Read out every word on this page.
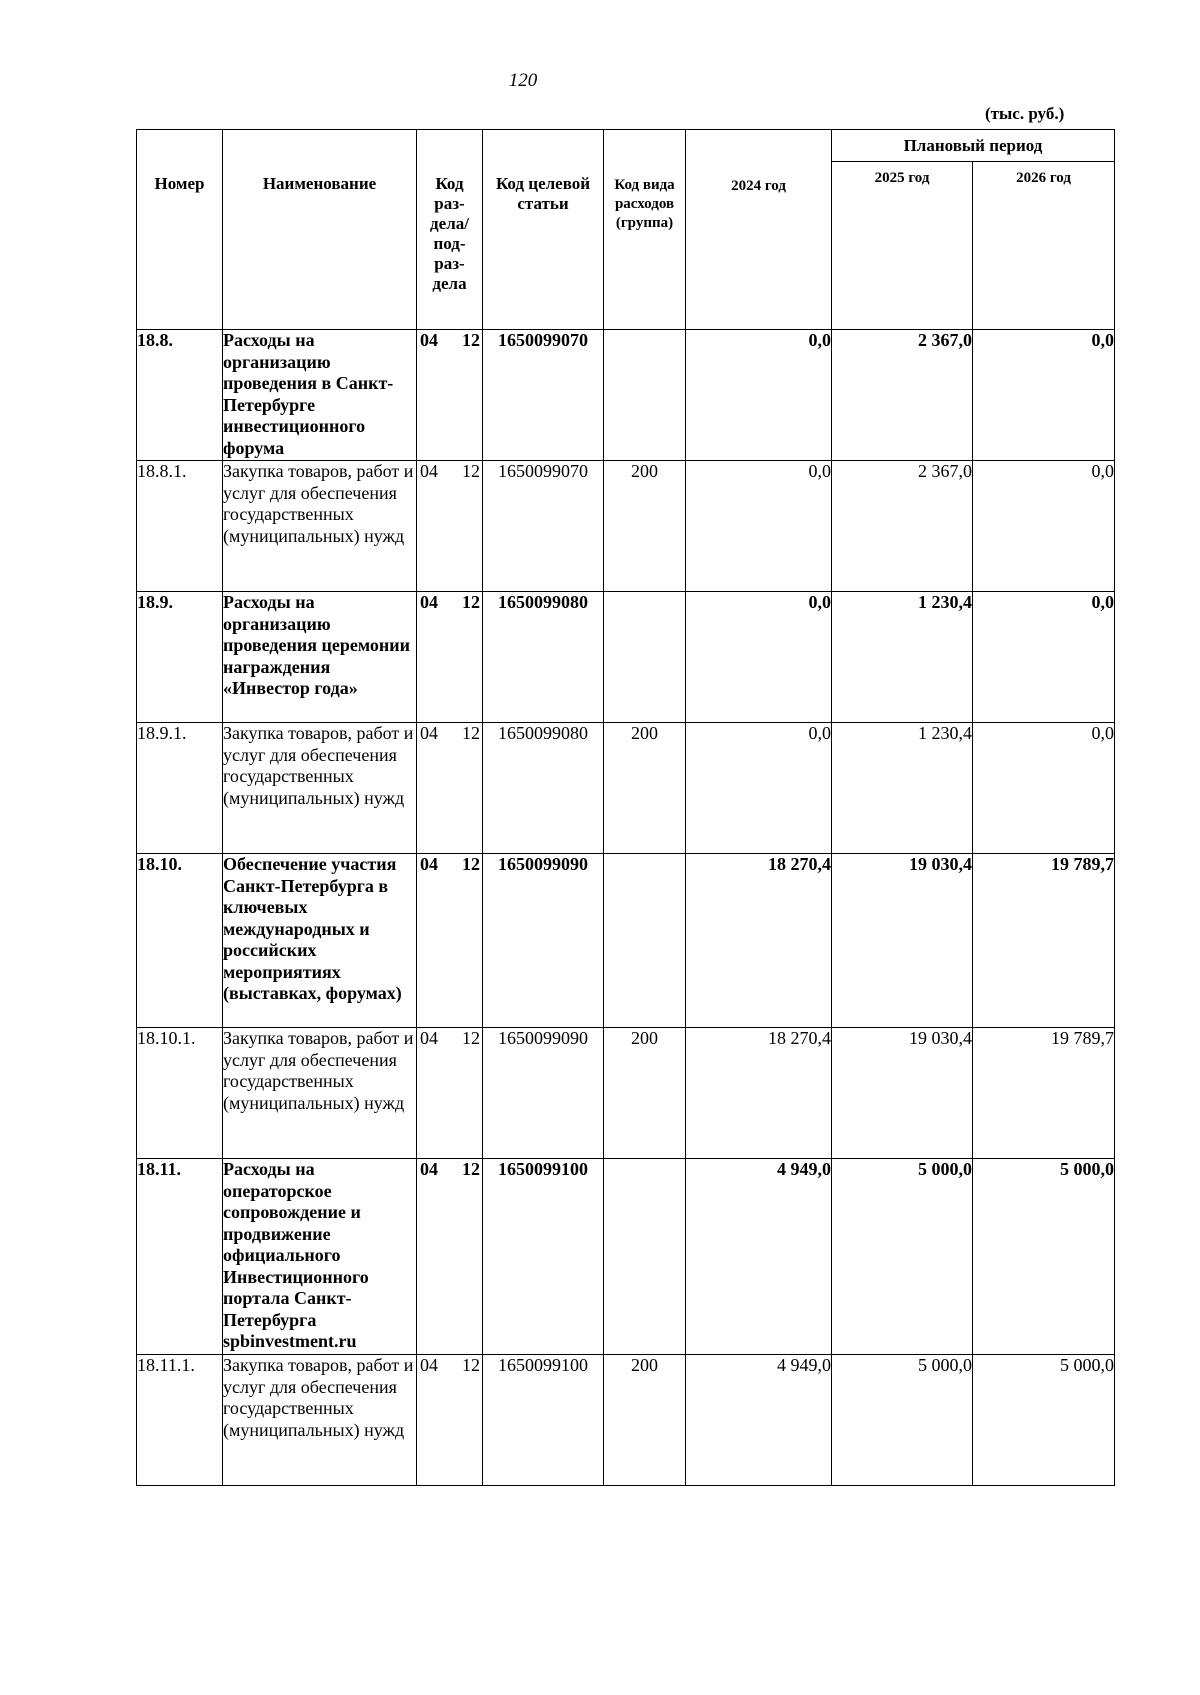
120
(тыс. руб.)
Номер	Наименование	Код раз-дела/ под-раз-дела	Код целевой статьи	Код вида расходов (группа)	2024 год	Плановый период	
						2025 год	2026 год
18.8.	Расходы на организацию проведения в Санкт-Петербурге инвестиционного форума	04 12	1650099070		0,0	2 367,0	0,0
18.8.1.	Закупка товаров, работ и услуг для обеспечения государственных (муниципальных) нужд	04 12	1650099070	200	0,0	2 367,0	0,0
18.9.	Расходы на организацию проведения церемонии награждения «Инвестор года»	04 12	1650099080		0,0	1 230,4	0,0
18.9.1.	Закупка товаров, работ и услуг для обеспечения государственных (муниципальных) нужд	04 12	1650099080	200	0,0	1 230,4	0,0
18.10.	Обеспечение участия Санкт-Петербурга в ключевых международных и российских мероприятиях (выставках, форумах)	04 12	1650099090		18 270,4	19 030,4	19 789,7
18.10.1.	Закупка товаров, работ и услуг для обеспечения государственных (муниципальных) нужд	04 12	1650099090	200	18 270,4	19 030,4	19 789,7
18.11.	Расходы на операторское сопровождение и продвижение официального Инвестиционного портала Санкт-Петербурга spbinvestment.ru	04 12	1650099100		4 949,0	5 000,0	5 000,0
18.11.1.	Закупка товаров, работ и услуг для обеспечения государственных (муниципальных) нужд	04 12	1650099100	200	4 949,0	5 000,0	5 000,0
